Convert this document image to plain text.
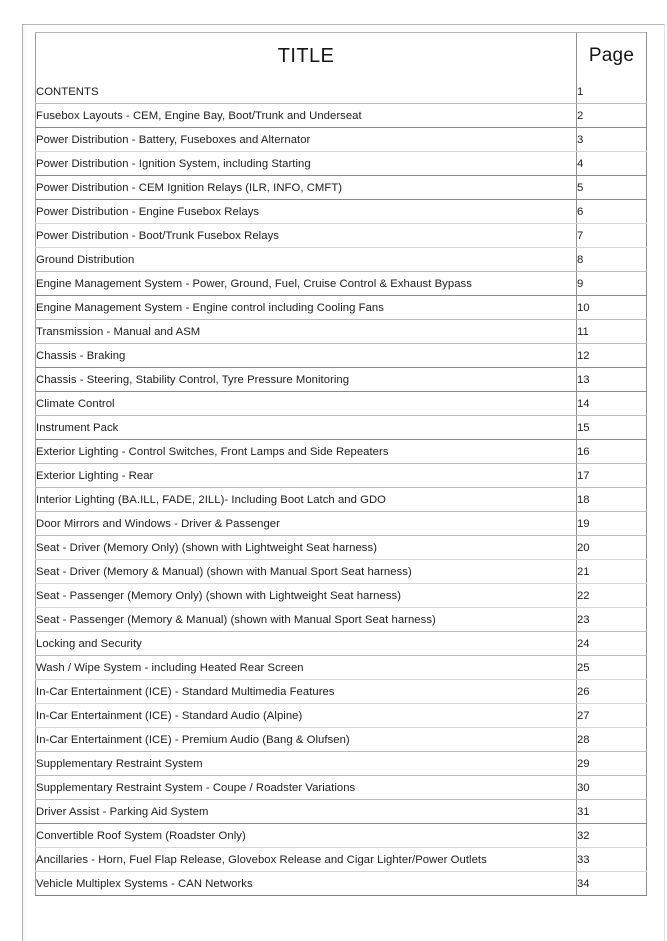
TITLE	Page
CONTENTS	1
Fusebox Layouts - CEM, Engine Bay, Boot/Trunk and Underseat	2
Power Distribution - Battery, Fuseboxes and Alternator	3
Power Distribution - Ignition System, including Starting	4
Power Distribution - CEM Ignition Relays (ILR, INFO, CMFT)	5
Power Distribution - Engine Fusebox Relays	6
Power Distribution - Boot/Trunk Fusebox Relays	7
Ground Distribution	8
Engine Management System - Power, Ground, Fuel, Cruise Control & Exhaust Bypass	9
Engine Management System - Engine control including Cooling Fans	10
Transmission - Manual and ASM	11
Chassis - Braking	12
Chassis - Steering, Stability Control, Tyre Pressure Monitoring	13
Climate Control	14
Instrument Pack	15
Exterior Lighting - Control Switches, Front Lamps and Side Repeaters	16
Exterior Lighting - Rear	17
Interior Lighting (BA.ILL, FADE, 2ILL)- Including Boot Latch and GDO	18
Door Mirrors and Windows - Driver & Passenger	19
Seat - Driver (Memory Only) (shown with Lightweight Seat harness)	20
Seat - Driver (Memory & Manual) (shown with Manual Sport Seat harness)	21
Seat - Passenger (Memory Only) (shown with Lightweight Seat harness)	22
Seat - Passenger (Memory & Manual) (shown with Manual Sport Seat harness)	23
Locking and Security	24
Wash / Wipe System - including Heated Rear Screen	25
In-Car Entertainment (ICE) - Standard Multimedia Features	26
In-Car Entertainment (ICE) - Standard Audio (Alpine)	27
In-Car Entertainment (ICE) - Premium Audio (Bang & Olufsen)	28
Supplementary Restraint System	29
Supplementary Restraint System - Coupe / Roadster Variations	30
Driver Assist - Parking Aid System	31
Convertible Roof System (Roadster Only)	32
Ancillaries - Horn, Fuel Flap Release, Glovebox Release and Cigar Lighter/Power Outlets	33
Vehicle Multiplex Systems - CAN Networks	34
